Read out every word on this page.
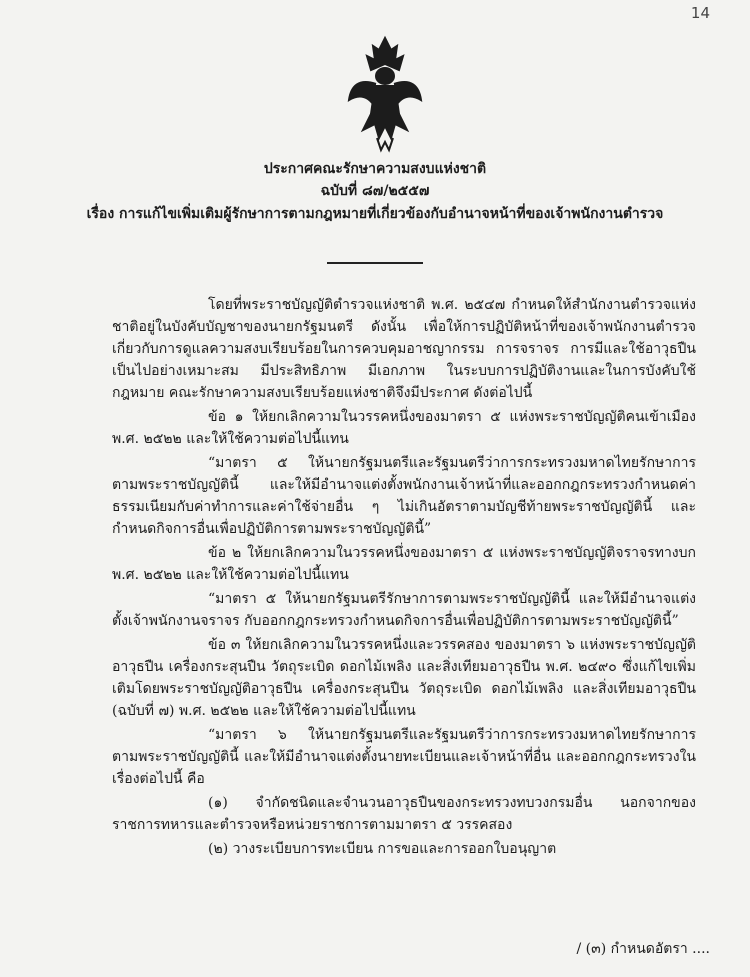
14
ประกาศคณะรักษาความสงบแห่งชาติ
ฉบับที่ ๘๗/๒๕๕๗
เรื่อง การแก้ไขเพิ่มเติมผู้รักษาการตามกฎหมายที่เกี่ยวข้องกับอำนาจหน้าที่ของเจ้าพนักงานตำรวจ

โดยที่พระราชบัญญัติตำรวจแห่งชาติ พ.ศ. ๒๕๔๗ กำหนดให้สำนักงานตำรวจแห่งชาติอยู่ในบังคับบัญชาของนายกรัฐมนตรี ดังนั้น เพื่อให้การปฏิบัติหน้าที่ของเจ้าพนักงานตำรวจเกี่ยวกับการดูแลความสงบเรียบร้อยในการควบคุมอาชญากรรม การจราจร การมีและใช้อาวุธปืน เป็นไปอย่างเหมาะสม มีประสิทธิภาพ มีเอกภาพ ในระบบการปฏิบัติงานและในการบังคับใช้กฎหมาย คณะรักษาความสงบเรียบร้อยแห่งชาติจึงมีประกาศ ดังต่อไปนี้

ข้อ ๑ ให้ยกเลิกความในวรรคหนึ่งของมาตรา ๕ แห่งพระราชบัญญัติคนเข้าเมือง พ.ศ. ๒๕๒๒ และให้ใช้ความต่อไปนี้แทน

“มาตรา ๕ ให้นายกรัฐมนตรีและรัฐมนตรีว่าการกระทรวงมหาดไทยรักษาการตามพระราชบัญญัตินี้ และให้มีอำนาจแต่งตั้งพนักงานเจ้าหน้าที่และออกกฎกระทรวงกำหนดค่าธรรมเนียมกับค่าทำการและค่าใช้จ่ายอื่น ๆ ไม่เกินอัตราตามบัญชีท้ายพระราชบัญญัตินี้ และกำหนดกิจการอื่นเพื่อปฏิบัติการตามพระราชบัญญัตินี้”

ข้อ ๒ ให้ยกเลิกความในวรรคหนึ่งของมาตรา ๕ แห่งพระราชบัญญัติจราจรทางบก พ.ศ. ๒๕๒๒ และให้ใช้ความต่อไปนี้แทน

“มาตรา ๕ ให้นายกรัฐมนตรีรักษาการตามพระราชบัญญัตินี้ และให้มีอำนาจแต่งตั้งเจ้าพนักงานจราจร กับออกกฎกระทรวงกำหนดกิจการอื่นเพื่อปฏิบัติการตามพระราชบัญญัตินี้”

ข้อ ๓ ให้ยกเลิกความในวรรคหนึ่งและวรรคสอง ของมาตรา ๖ แห่งพระราชบัญญัติอาวุธปืน เครื่องกระสุนปืน วัตถุระเบิด ดอกไม้เพลิง และสิ่งเทียมอาวุธปืน พ.ศ. ๒๔๙๐ ซึ่งแก้ไขเพิ่มเติมโดยพระราชบัญญัติอาวุธปืน เครื่องกระสุนปืน วัตถุระเบิด ดอกไม้เพลิง และสิ่งเทียมอาวุธปืน (ฉบับที่ ๗) พ.ศ. ๒๕๒๒ และให้ใช้ความต่อไปนี้แทน

“มาตรา ๖ ให้นายกรัฐมนตรีและรัฐมนตรีว่าการกระทรวงมหาดไทยรักษาการตามพระราชบัญญัตินี้ และให้มีอำนาจแต่งตั้งนายทะเบียนและเจ้าหน้าที่อื่น และออกกฎกระทรวงในเรื่องต่อไปนี้ คือ

(๑) จำกัดชนิดและจำนวนอาวุธปืนของกระทรวงทบวงกรมอื่น นอกจากของราชการทหารและตำรวจหรือหน่วยราชการตามมาตรา ๕ วรรคสอง

(๒) วางระเบียบการทะเบียน การขอและการออกใบอนุญาต

/ (๓) กำหนดอัตรา ....
